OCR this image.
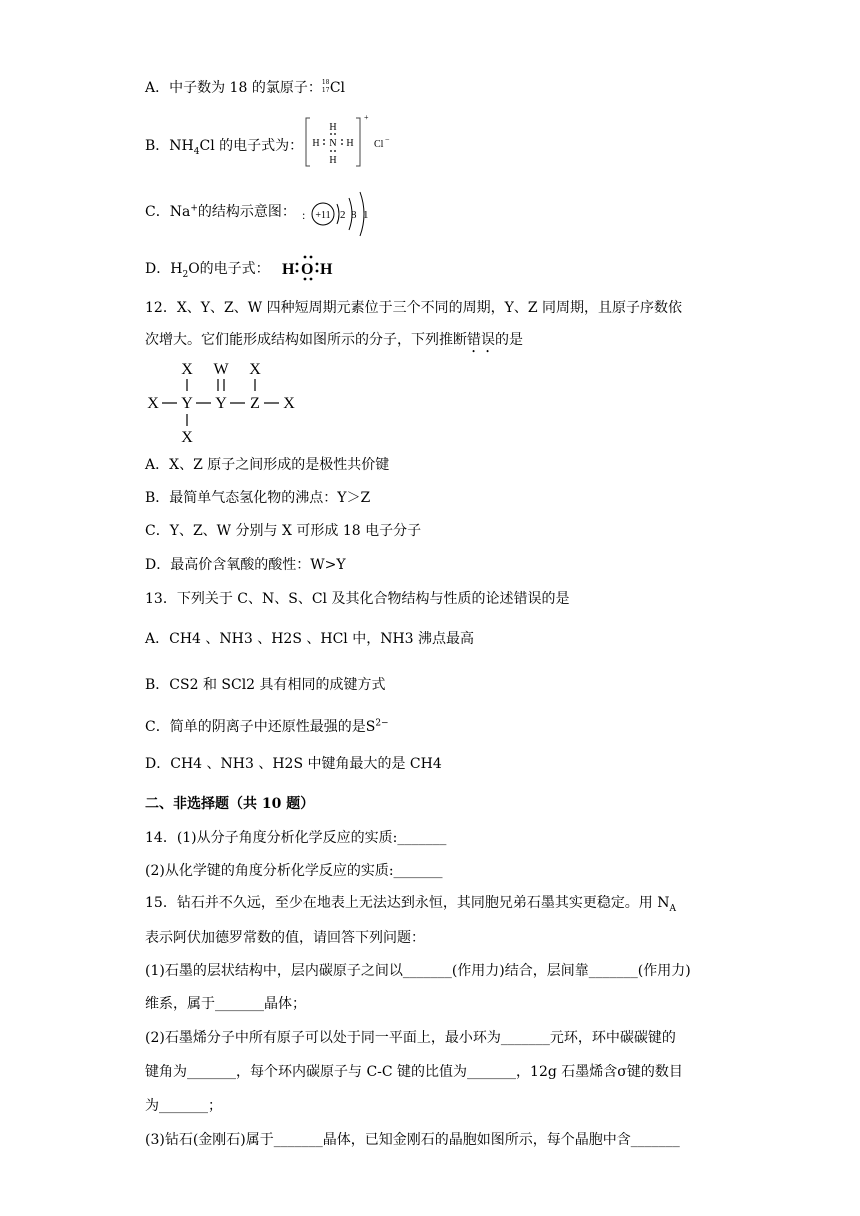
A．中子数为 18 的氯原子： 18
17 Cl
B．$NH_4Cl$ 的电子式为：
H
N
H
H	H
+
Cl −
C．Na+的结构示意图： : +11 2 8 1
D．$H_2O$的电子式： H O H
12．X、Y、Z、W 四种短周期元素位于三个不同的周期，Y、Z 同周期，且原子序数依
次增大。它们能形成结构如图所示的分子，下列推断错误的是
X W X
X Y Y Z X
X
A．X、Z 原子之间形成的是极性共价键
B．最简单气态氢化物的沸点：Y＞Z
C．Y、Z、W 分别与 X 可形成 18 电子分子
D．最高价含氧酸的酸性：W>Y
13．下列关于 C、N、S、Cl 及其化合物结构与性质的论述错误的是
A．CH4 、NH3 、H2S 、HCl 中，NH3 沸点最高
B．CS2 和 SCl2 具有相同的成键方式
C．简单的阴离子中还原性最强的是$S^{2-}$
D．CH4 、NH3 、H2S 中键角最大的是 CH4
二、非选择题（共 10 题）
14．(1)从分子角度分析化学反应的实质:_______
(2)从化学键的角度分析化学反应的实质:_______
15．钻石并不久远，至少在地表上无法达到永恒，其同胞兄弟石墨其实更稳定。用 $N_A$
表示阿伏加德罗常数的值，请回答下列问题：
(1)石墨的层状结构中，层内碳原子之间以_______(作用力)结合，层间靠_______(作用力)
维系，属于_______晶体；
(2)石墨烯分子中所有原子可以处于同一平面上，最小环为_______元环，环中碳碳键的
键角为_______，每个环内碳原子与 C-C 键的比值为_______，12g 石墨烯含σ键的数目
为_______；
(3)钻石(金刚石)属于_______晶体，已知金刚石的晶胞如图所示，每个晶胞中含_______
